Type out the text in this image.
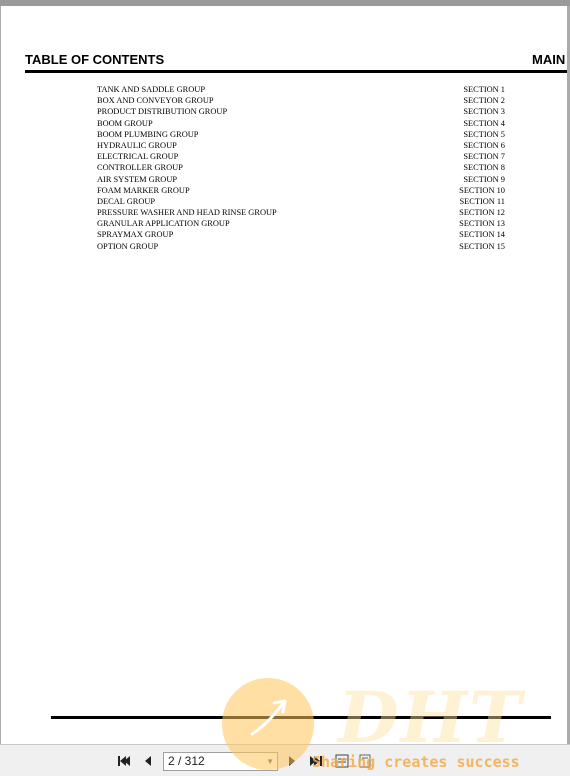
TABLE OF CONTENTS	MAIN
TANK AND SADDLE GROUP	SECTION 1
BOX AND CONVEYOR GROUP	SECTION 2
PRODUCT DISTRIBUTION GROUP	SECTION 3
BOOM GROUP	SECTION 4
BOOM PLUMBING GROUP	SECTION 5
HYDRAULIC GROUP	SECTION 6
ELECTRICAL GROUP	SECTION 7
CONTROLLER GROUP	SECTION 8
AIR SYSTEM GROUP	SECTION 9
FOAM MARKER GROUP	SECTION 10
DECAL GROUP	SECTION 11
PRESSURE WASHER AND HEAD RINSE GROUP	SECTION 12
GRANULAR APPLICATION GROUP	SECTION 13
SPRAYMAX GROUP	SECTION 14
OPTION GROUP	SECTION 15
2 / 312
DHT
Sharing creates success
